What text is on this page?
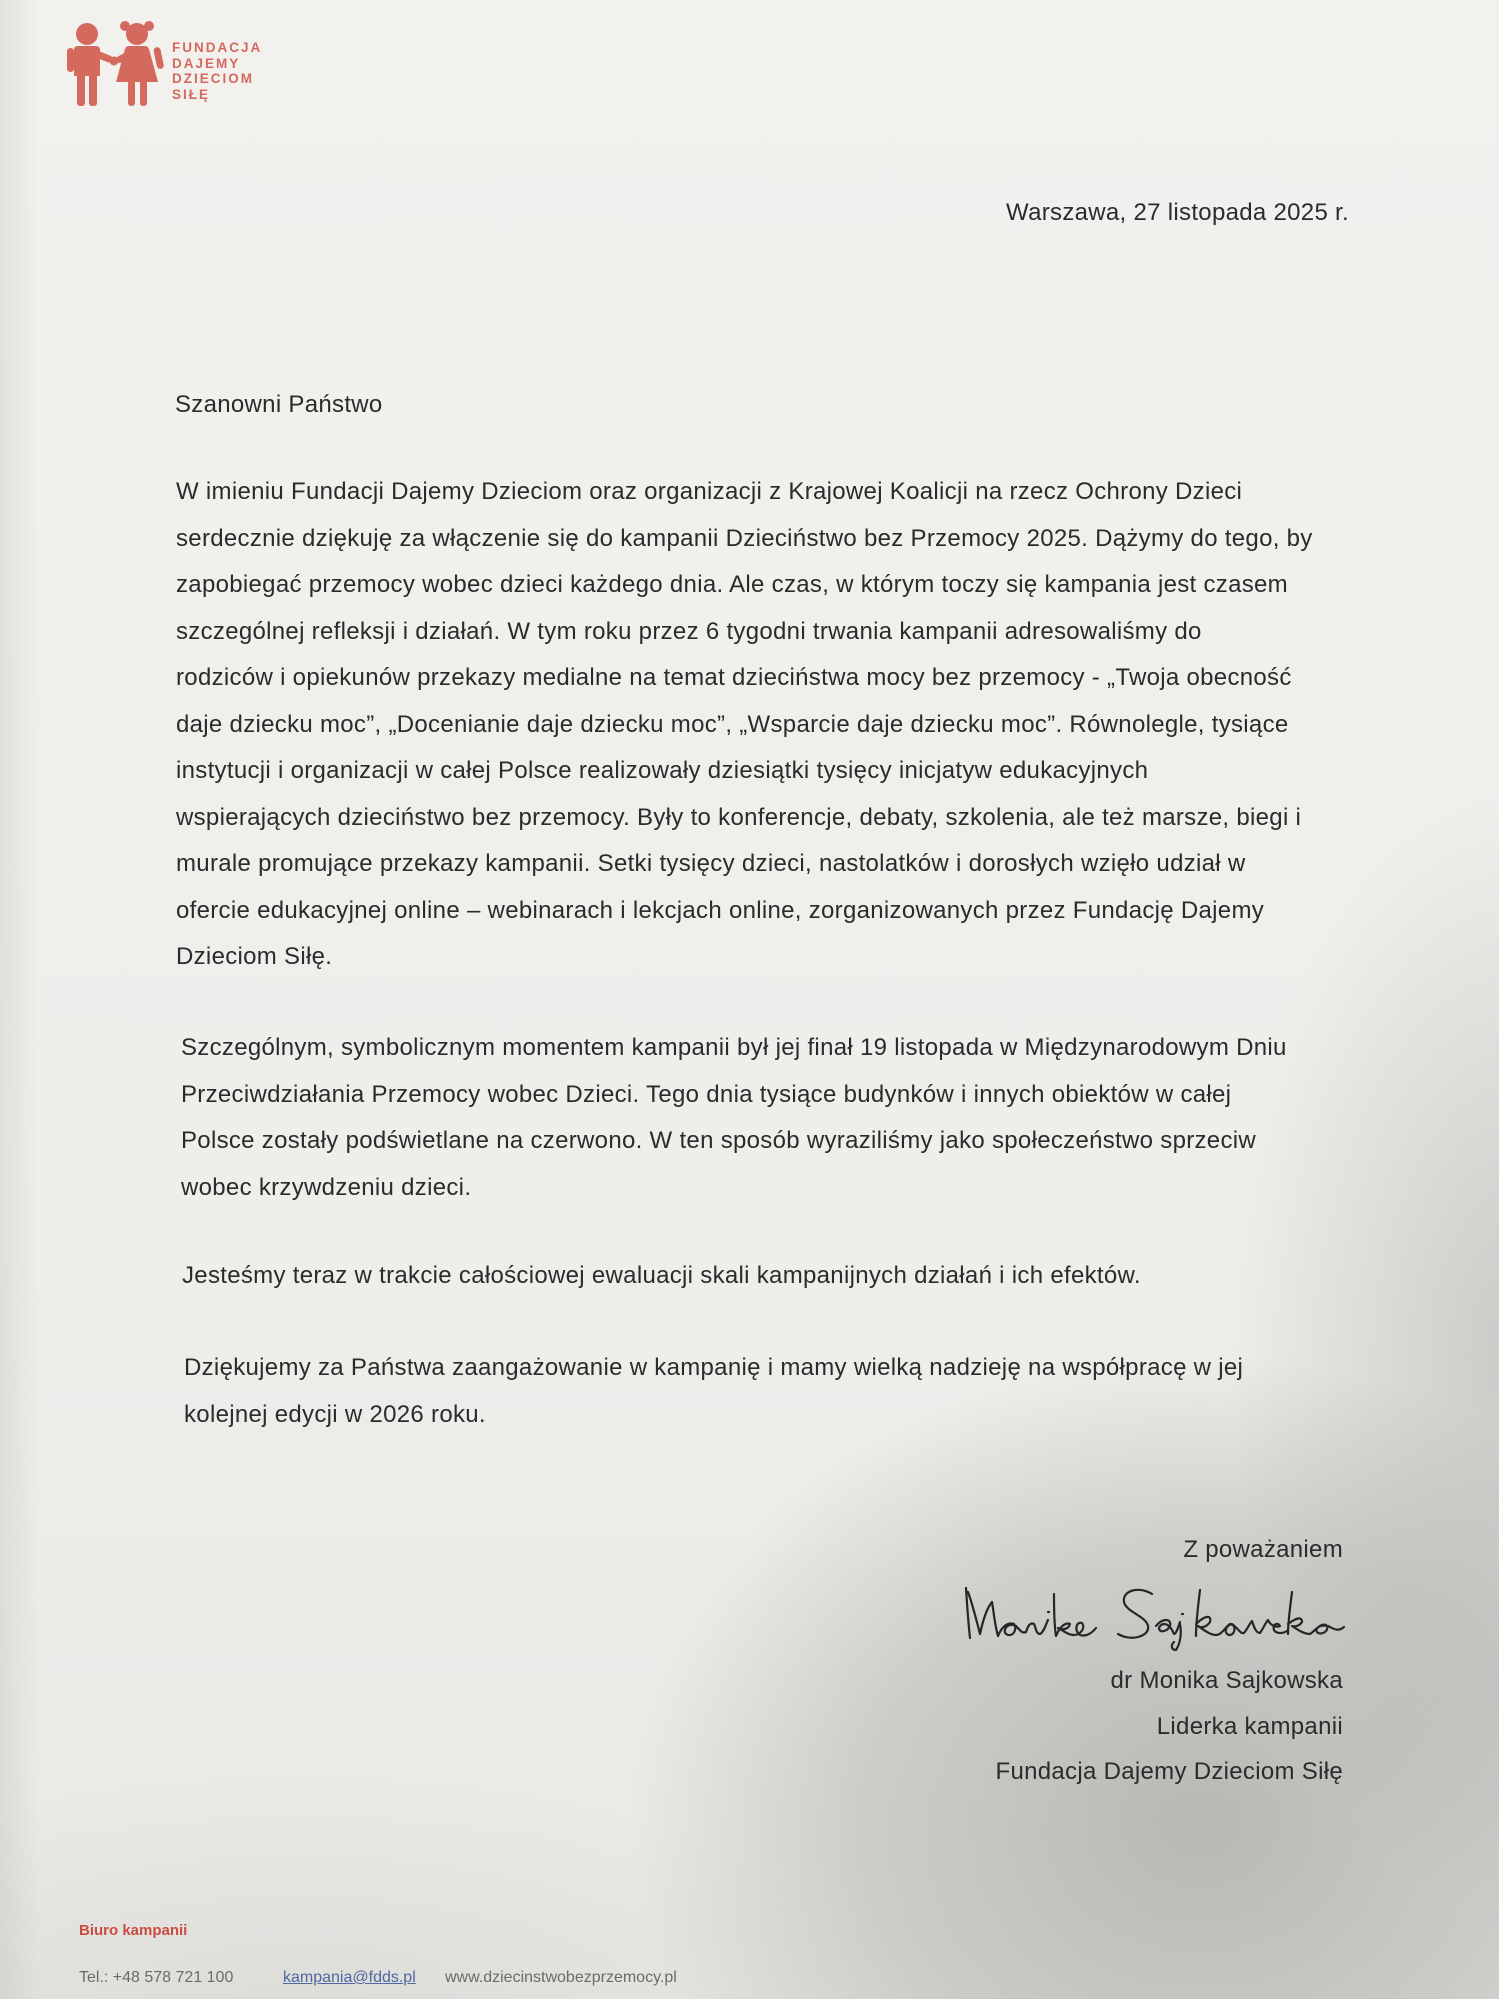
FUNDACJA
DAJEMY
DZIECIOM
SIŁĘ
Warszawa, 27 listopada 2025 r.
Szanowni Państwo
W imieniu Fundacji Dajemy Dzieciom oraz organizacji z Krajowej Koalicji na rzecz Ochrony Dzieci
serdecznie dziękuję za włączenie się do kampanii Dzieciństwo bez Przemocy 2025. Dążymy do tego, by
zapobiegać przemocy wobec dzieci każdego dnia. Ale czas, w którym toczy się kampania jest czasem
szczególnej refleksji i działań. W tym roku przez 6 tygodni trwania kampanii adresowaliśmy do
rodziców i opiekunów przekazy medialne na temat dzieciństwa mocy bez przemocy - „Twoja obecność
daje dziecku moc”, „Docenianie daje dziecku moc”, „Wsparcie daje dziecku moc”. Równolegle, tysiące
instytucji i organizacji w całej Polsce realizowały dziesiątki tysięcy inicjatyw edukacyjnych
wspierających dzieciństwo bez przemocy. Były to konferencje, debaty, szkolenia, ale też marsze, biegi i
murale promujące przekazy kampanii. Setki tysięcy dzieci, nastolatków i dorosłych wzięło udział w
ofercie edukacyjnej online – webinarach i lekcjach online, zorganizowanych przez Fundację Dajemy
Dzieciom Siłę.
Szczególnym, symbolicznym momentem kampanii był jej finał 19 listopada w Międzynarodowym Dniu
Przeciwdziałania Przemocy wobec Dzieci. Tego dnia tysiące budynków i innych obiektów w całej
Polsce zostały podświetlane na czerwono. W ten sposób wyraziliśmy jako społeczeństwo sprzeciw
wobec krzywdzeniu dzieci.
Jesteśmy teraz w trakcie całościowej ewaluacji skali kampanijnych działań i ich efektów.
Dziękujemy za Państwa zaangażowanie w kampanię i mamy wielką nadzieję na współpracę w jej
kolejnej edycji w 2026 roku.
Z poważaniem
dr Monika Sajkowska
Liderka kampanii
Fundacja Dajemy Dzieciom Siłę
Biuro kampanii
Tel.: +48 578 721 100	kampania@fdds.pl www.dziecinstwobezprzemocy.pl
